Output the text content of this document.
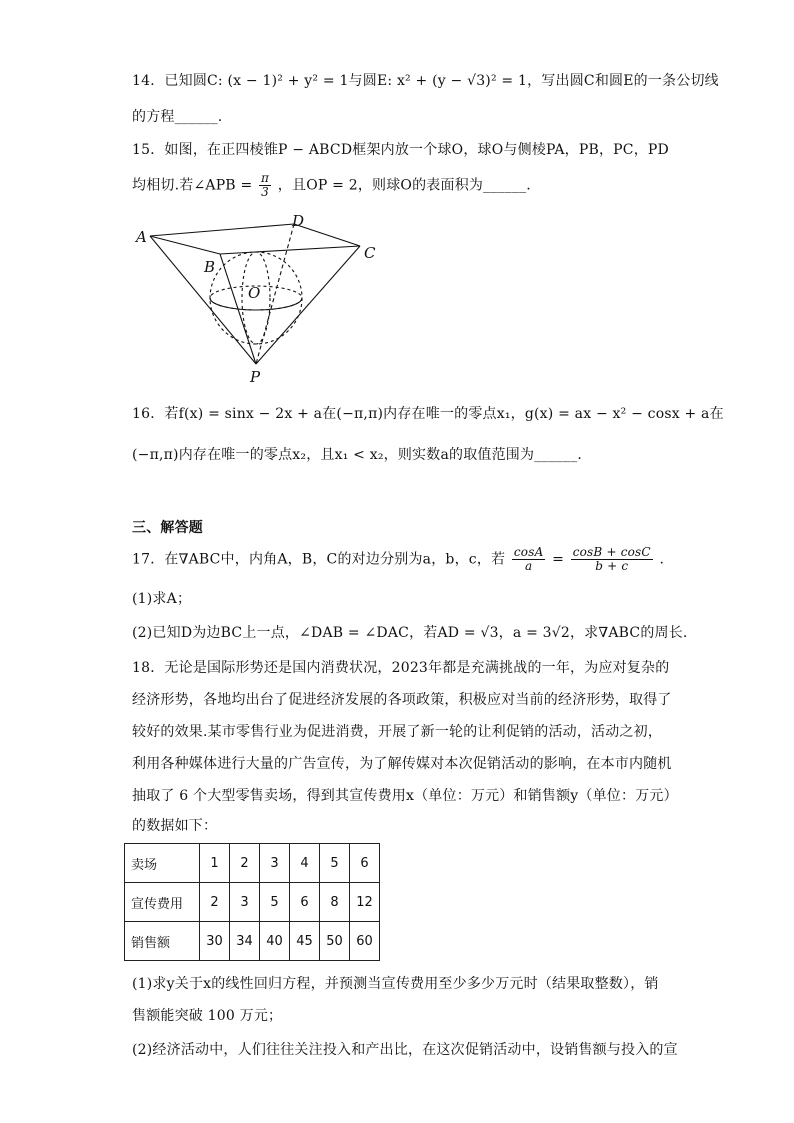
14．已知圆C: (x − 1)² + y² = 1与圆E: x² + (y − √3)² = 1，写出圆C和圆E的一条公切线
的方程______.
15．如图，在正四棱锥P − ABCD框架内放一个球O，球O与侧棱PA，PB，PC，PD
均相切.若∠APB = $\frac{\pi}{3}$ ，且OP = 2，则球O的表面积为______.
A
B
C
D
O
P
16．若f(x) = sinx − 2x + a在(−π,π)内存在唯一的零点x₁，g(x) = ax − x² − cosx + a在
(−π,π)内存在唯一的零点x₂，且x₁ < x₂，则实数a的取值范围为______.
三、解答题
17．在∇ABC中，内角A，B，C的对边分别为a，b，c，若 $\frac{\cos A}{a} = \frac{\cos B + \cos C}{b + c}$ .
(1)求A；
(2)已知D为边BC上一点，∠DAB = ∠DAC，若AD = √3，a = 3√2，求∇ABC的周长.
18．无论是国际形势还是国内消费状况，2023年都是充满挑战的一年，为应对复杂的
经济形势，各地均出台了促进经济发展的各项政策，积极应对当前的经济形势，取得了
较好的效果.某市零售行业为促进消费，开展了新一轮的让利促销的活动，活动之初，
利用各种媒体进行大量的广告宣传，为了解传媒对本次促销活动的影响，在本市内随机
抽取了 6 个大型零售卖场，得到其宣传费用x（单位：万元）和销售额y（单位：万元）
的数据如下：
卖场	1	2	3	4	5	6
宣传费用	2	3	5	6	8	12
销售额	30	34	40	45	50	60
(1)求y关于x的线性回归方程，并预测当宣传费用至少多少万元时（结果取整数），销
售额能突破 100 万元；
(2)经济活动中，人们往往关注投入和产出比，在这次促销活动中，设销售额与投入的宣
